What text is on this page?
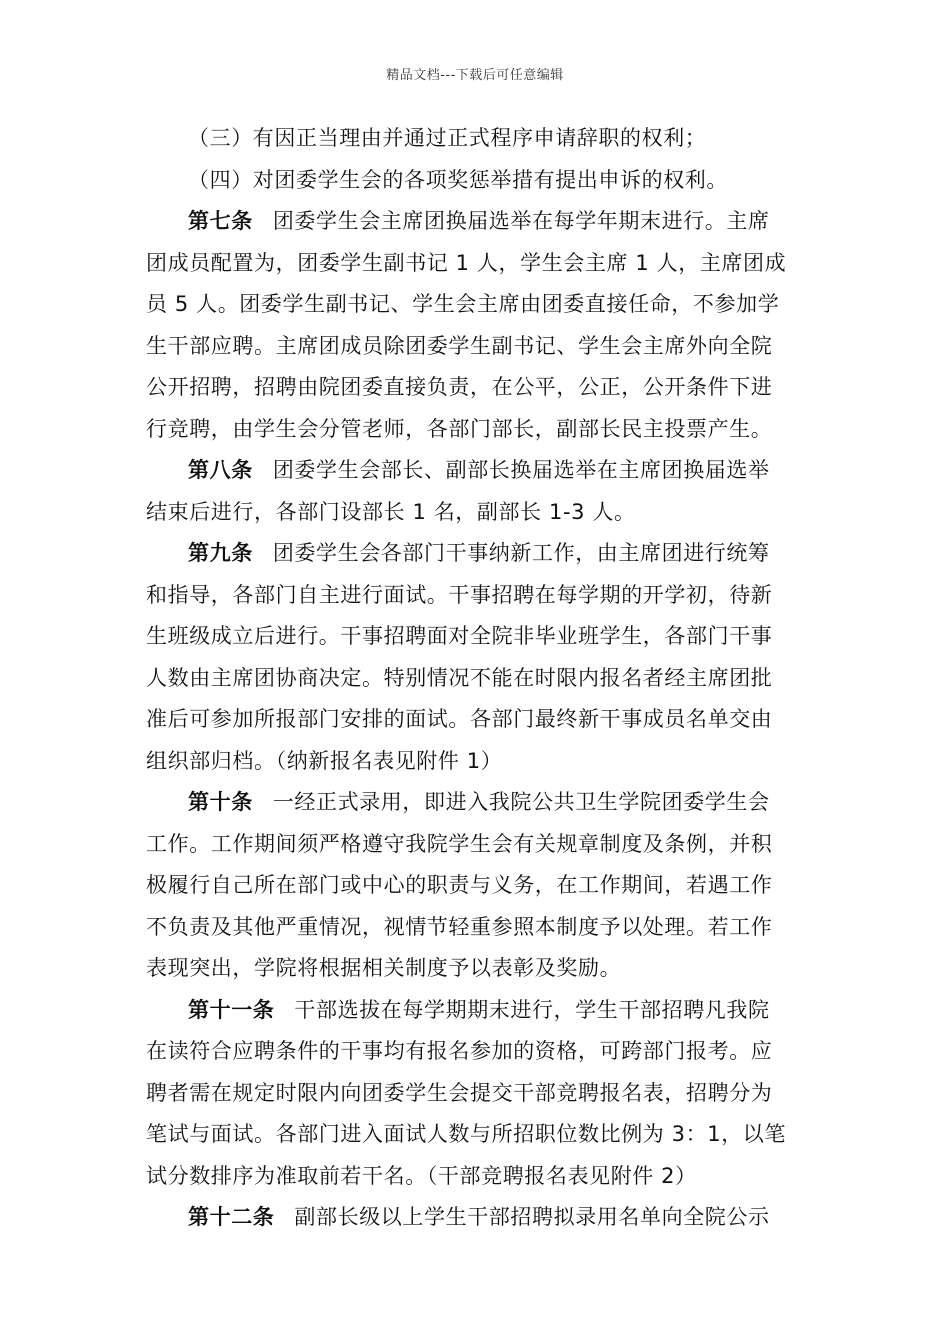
精品文档---下载后可任意编辑
（三）有因正当理由并通过正式程序申请辞职的权利；
（四）对团委学生会的各项奖惩举措有提出申诉的权利。
第七条 团委学生会主席团换届选举在每学年期末进行。主席
团成员配置为，团委学生副书记 1 人，学生会主席 1 人，主席团成
员 5 人。团委学生副书记、学生会主席由团委直接任命，不参加学
生干部应聘。主席团成员除团委学生副书记、学生会主席外向全院
公开招聘，招聘由院团委直接负责，在公平，公正，公开条件下进
行竞聘，由学生会分管老师，各部门部长，副部长民主投票产生。
第八条 团委学生会部长、副部长换届选举在主席团换届选举
结束后进行，各部门设部长 1 名，副部长 1-3 人。
第九条 团委学生会各部门干事纳新工作，由主席团进行统筹
和指导，各部门自主进行面试。干事招聘在每学期的开学初，待新
生班级成立后进行。干事招聘面对全院非毕业班学生，各部门干事
人数由主席团协商决定。特别情况不能在时限内报名者经主席团批
准后可参加所报部门安排的面试。各部门最终新干事成员名单交由
组织部归档。（纳新报名表见附件 1）
第十条 一经正式录用，即进入我院公共卫生学院团委学生会
工作。工作期间须严格遵守我院学生会有关规章制度及条例，并积
极履行自己所在部门或中心的职责与义务，在工作期间，若遇工作
不负责及其他严重情况，视情节轻重参照本制度予以处理。若工作
表现突出，学院将根据相关制度予以表彰及奖励。
第十一条 干部选拔在每学期期末进行，学生干部招聘凡我院
在读符合应聘条件的干事均有报名参加的资格，可跨部门报考。应
聘者需在规定时限内向团委学生会提交干部竞聘报名表，招聘分为
笔试与面试。各部门进入面试人数与所招职位数比例为 3：1，以笔
试分数排序为准取前若干名。（干部竞聘报名表见附件 2）
第十二条 副部长级以上学生干部招聘拟录用名单向全院公示
